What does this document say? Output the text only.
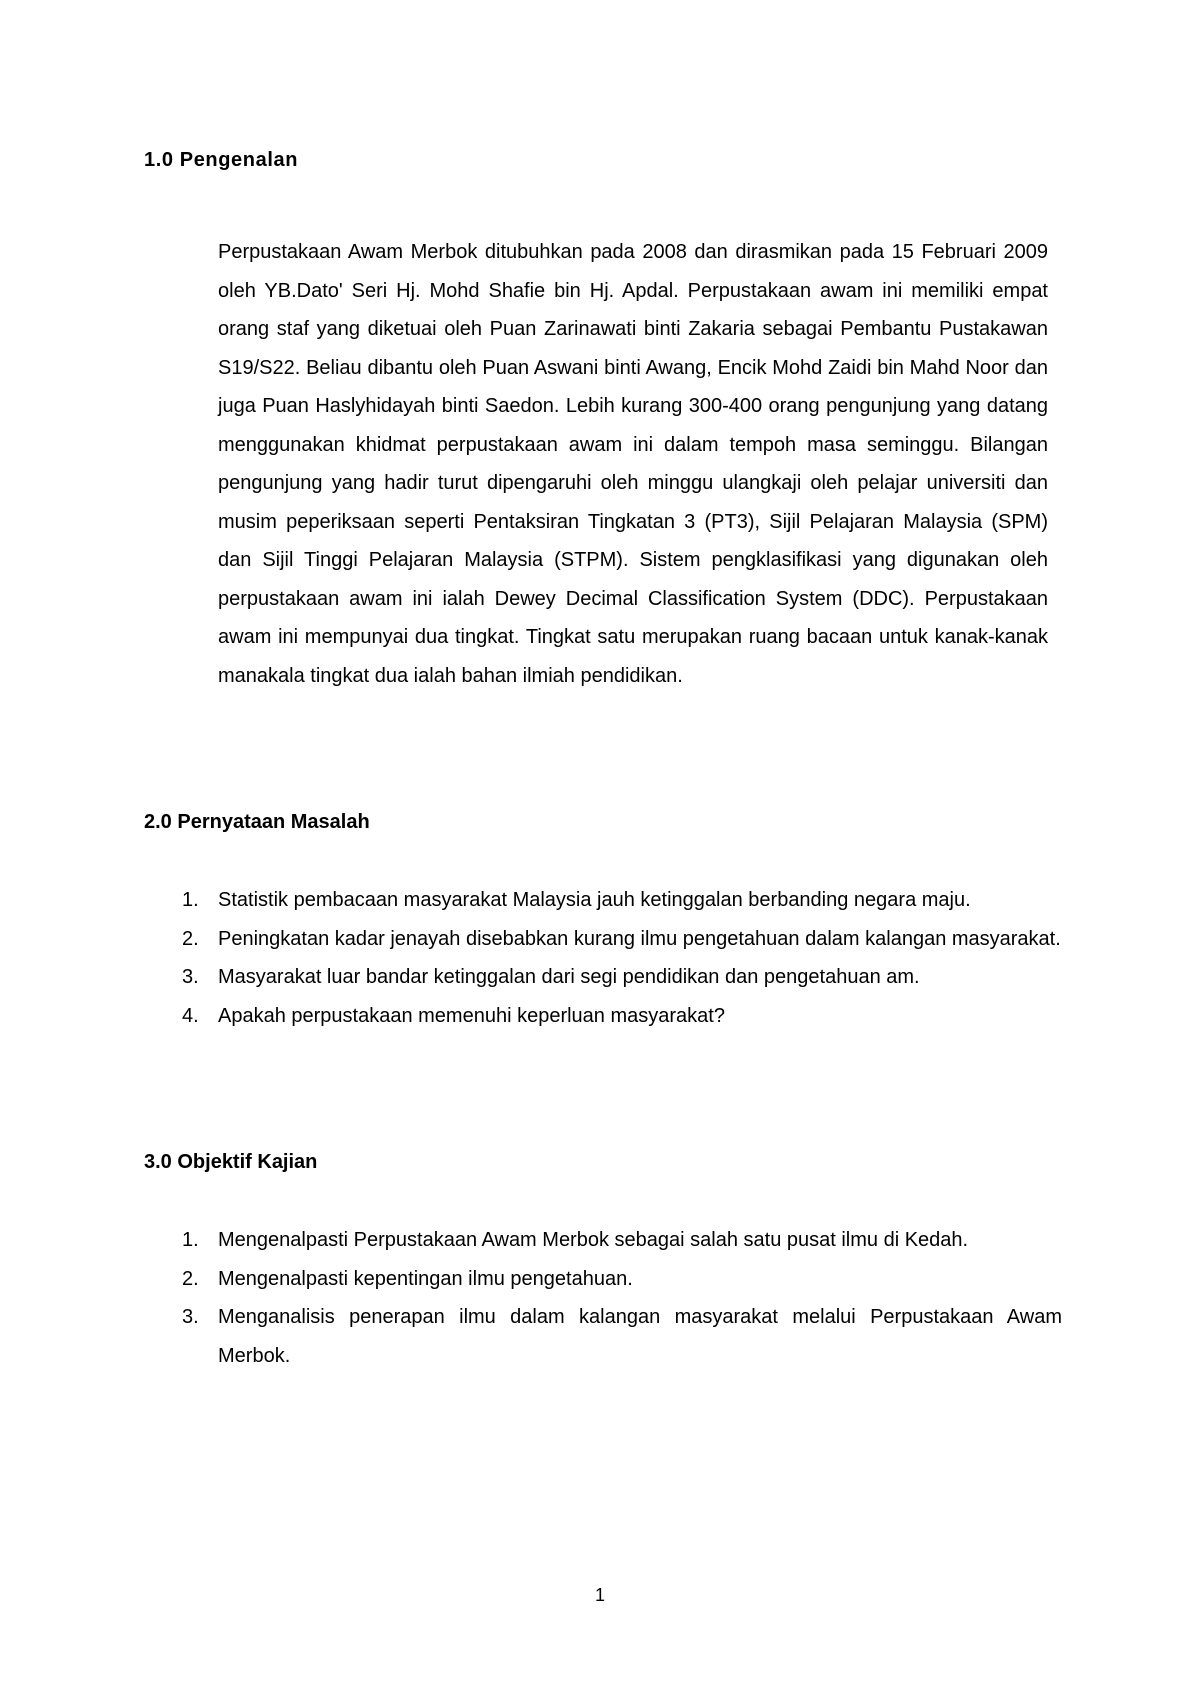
1.0 Pengenalan

Perpustakaan Awam Merbok ditubuhkan pada 2008 dan dirasmikan pada 15 Februari 2009 oleh YB.Dato' Seri Hj. Mohd Shafie bin Hj. Apdal. Perpustakaan awam ini memiliki empat orang staf yang diketuai oleh Puan Zarinawati binti Zakaria sebagai Pembantu Pustakawan S19/S22. Beliau dibantu oleh Puan Aswani binti Awang, Encik Mohd Zaidi bin Mahd Noor dan juga Puan Haslyhidayah binti Saedon. Lebih kurang 300-400 orang pengunjung yang datang menggunakan khidmat perpustakaan awam ini dalam tempoh masa seminggu. Bilangan pengunjung yang hadir turut dipengaruhi oleh minggu ulangkaji oleh pelajar universiti dan musim peperiksaan seperti Pentaksiran Tingkatan 3 (PT3), Sijil Pelajaran Malaysia (SPM) dan Sijil Tinggi Pelajaran Malaysia (STPM). Sistem pengklasifikasi yang digunakan oleh perpustakaan awam ini ialah Dewey Decimal Classification System (DDC). Perpustakaan awam ini mempunyai dua tingkat. Tingkat satu merupakan ruang bacaan untuk kanak-kanak manakala tingkat dua ialah bahan ilmiah pendidikan.

2.0 Pernyataan Masalah
1. Statistik pembacaan masyarakat Malaysia jauh ketinggalan berbanding negara maju.
2. Peningkatan kadar jenayah disebabkan kurang ilmu pengetahuan dalam kalangan masyarakat.
3. Masyarakat luar bandar ketinggalan dari segi pendidikan dan pengetahuan am.
4. Apakah perpustakaan memenuhi keperluan masyarakat?
3.0 Objektif Kajian
1. Mengenalpasti Perpustakaan Awam Merbok sebagai salah satu pusat ilmu di Kedah.
2. Mengenalpasti kepentingan ilmu pengetahuan.
3. Menganalisis penerapan ilmu dalam kalangan masyarakat melalui Perpustakaan Awam Merbok.
1
